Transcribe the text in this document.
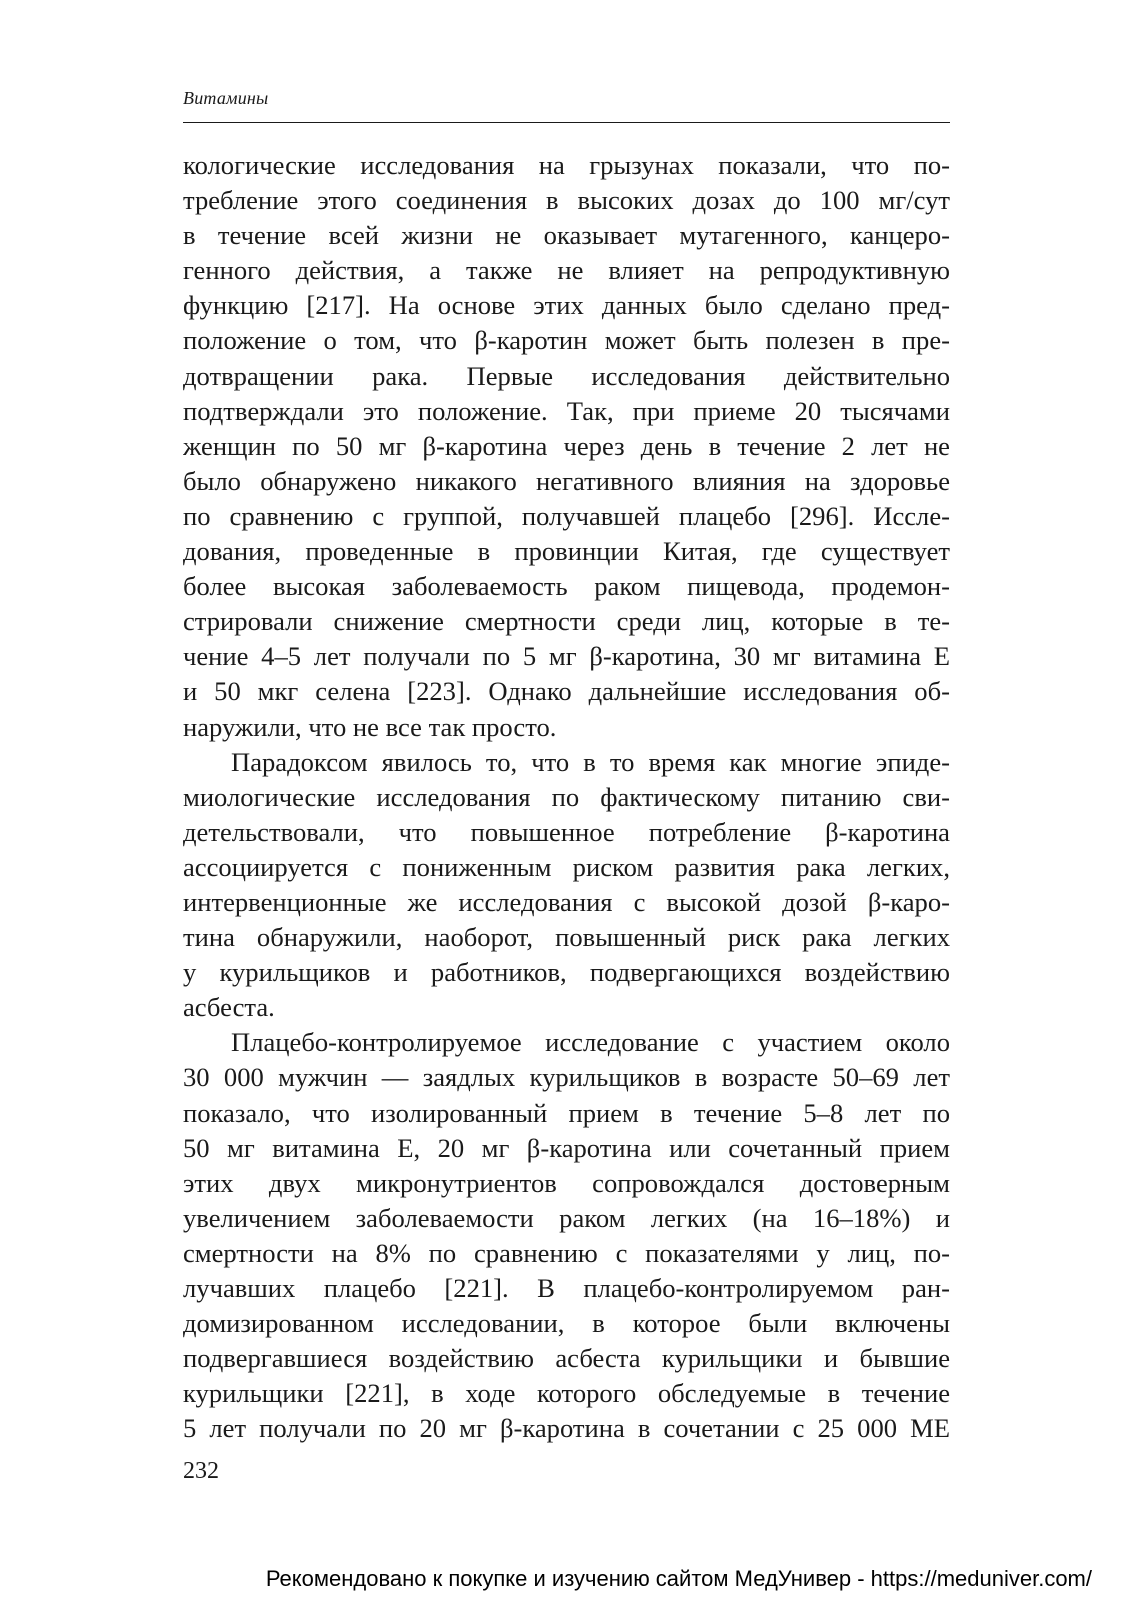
Витамины
кологические исследования на грызунах показали, что по-
требление этого соединения в высоких дозах до 100 мг/сут
в течение всей жизни не оказывает мутагенного, канцеро-
генного действия, а также не влияет на репродуктивную
функцию [217]. На основе этих данных было сделано пред-
положение о том, что β-каротин может быть полезен в пре-
дотвращении рака. Первые исследования действительно
подтверждали это положение. Так, при приеме 20 тысячами
женщин по 50 мг β-каротина через день в течение 2 лет не
было обнаружено никакого негативного влияния на здоровье
по сравнению с группой, получавшей плацебо [296]. Иссле-
дования, проведенные в провинции Китая, где существует
более высокая заболеваемость раком пищевода, продемон-
стрировали снижение смертности среди лиц, которые в те-
чение 4–5 лет получали по 5 мг β-каротина, 30 мг витамина Е
и 50 мкг селена [223]. Однако дальнейшие исследования об-
наружили, что не все так просто.
Парадоксом явилось то, что в то время как многие эпиде-
миологические исследования по фактическому питанию сви-
детельствовали, что повышенное потребление β-каротина
ассоциируется с пониженным риском развития рака легких,
интервенционные же исследования с высокой дозой β-каро-
тина обнаружили, наоборот, повышенный риск рака легких
у курильщиков и работников, подвергающихся воздействию
асбеста.
Плацебо-контролируемое исследование с участием около
30 000 мужчин — заядлых курильщиков в возрасте 50–69 лет
показало, что изолированный прием в течение 5–8 лет по
50 мг витамина Е, 20 мг β-каротина или сочетанный прием
этих двух микронутриентов сопровождался достоверным
увеличением заболеваемости раком легких (на 16–18%) и
смертности на 8% по сравнению с показателями у лиц, по-
лучавших плацебо [221]. В плацебо-контролируемом ран-
домизированном исследовании, в которое были включены
подвергавшиеся воздействию асбеста курильщики и бывшие
курильщики [221], в ходе которого обследуемые в течение
5 лет получали по 20 мг β-каротина в сочетании с 25 000 МЕ
232
Рекомендовано к покупке и изучению сайтом МедУнивер - https://meduniver.com/
